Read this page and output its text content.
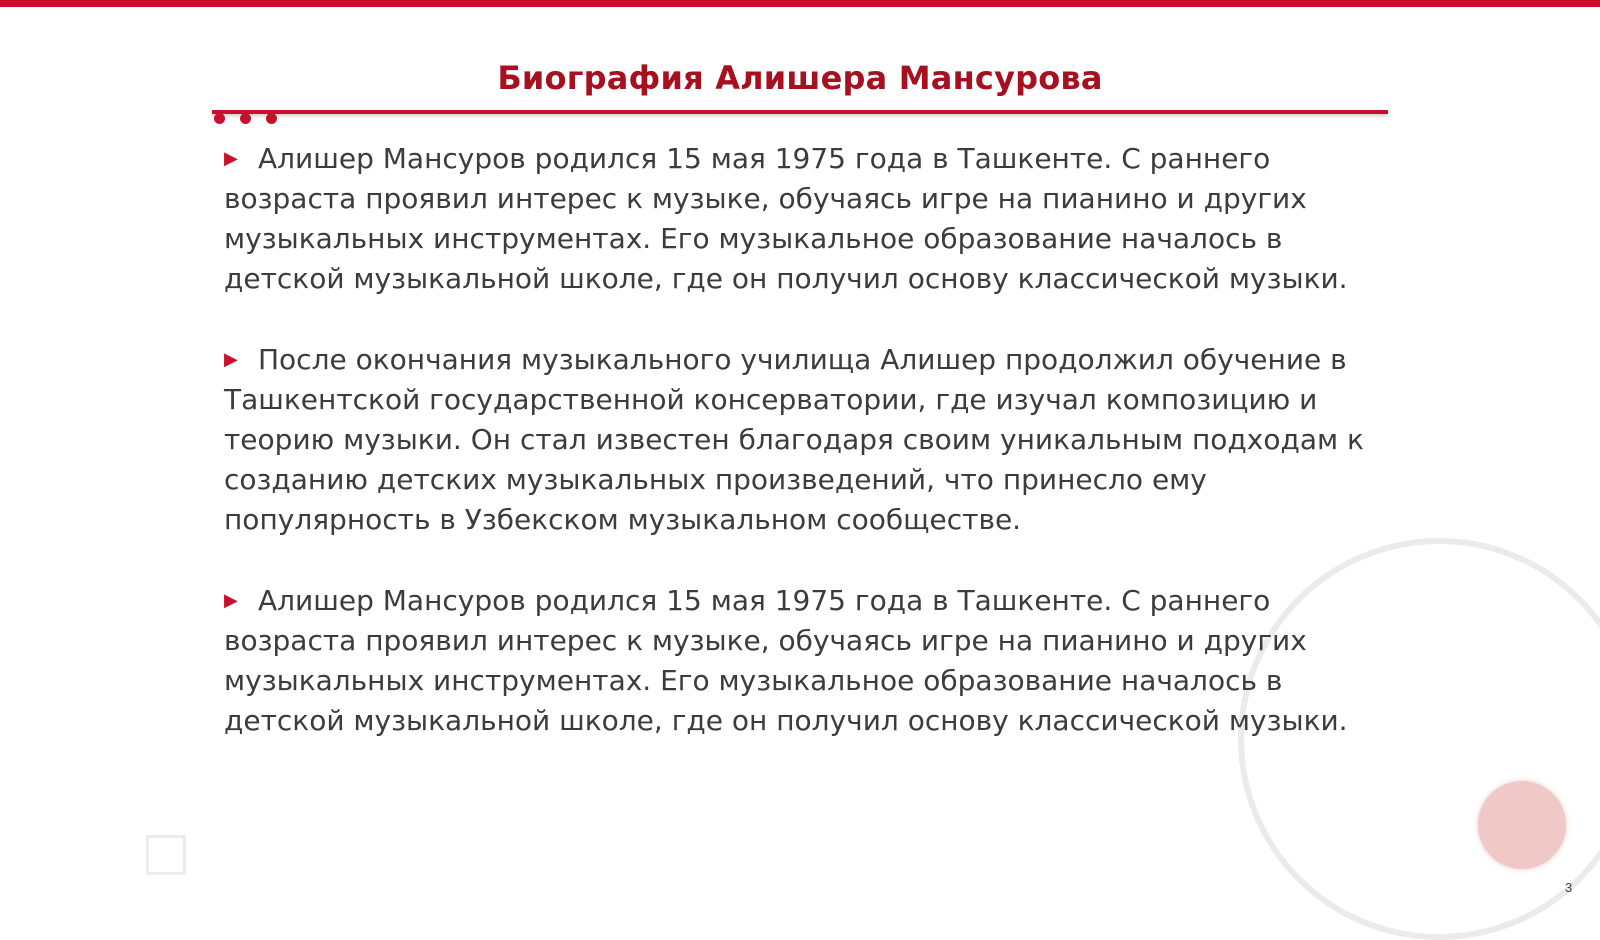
Биография Алишера Мансурова

▶ Алишер Мансуров родился 15 мая 1975 года в Ташкенте. С раннего возраста проявил интерес к музыке, обучаясь игре на пианино и других музыкальных инструментах. Его музыкальное образование началось в детской музыкальной школе, где он получил основу классической музыки.

▶ После окончания музыкального училища Алишер продолжил обучение в Ташкентской государственной консерватории, где изучал композицию и теорию музыки. Он стал известен благодаря своим уникальным подходам к созданию детских музыкальных произведений, что принесло ему популярность в Узбекском музыкальном сообществе.

▶ Алишер Мансуров родился 15 мая 1975 года в Ташкенте. С раннего возраста проявил интерес к музыке, обучаясь игре на пианино и других музыкальных инструментах. Его музыкальное образование началось в детской музыкальной школе, где он получил основу классической музыки.

3
